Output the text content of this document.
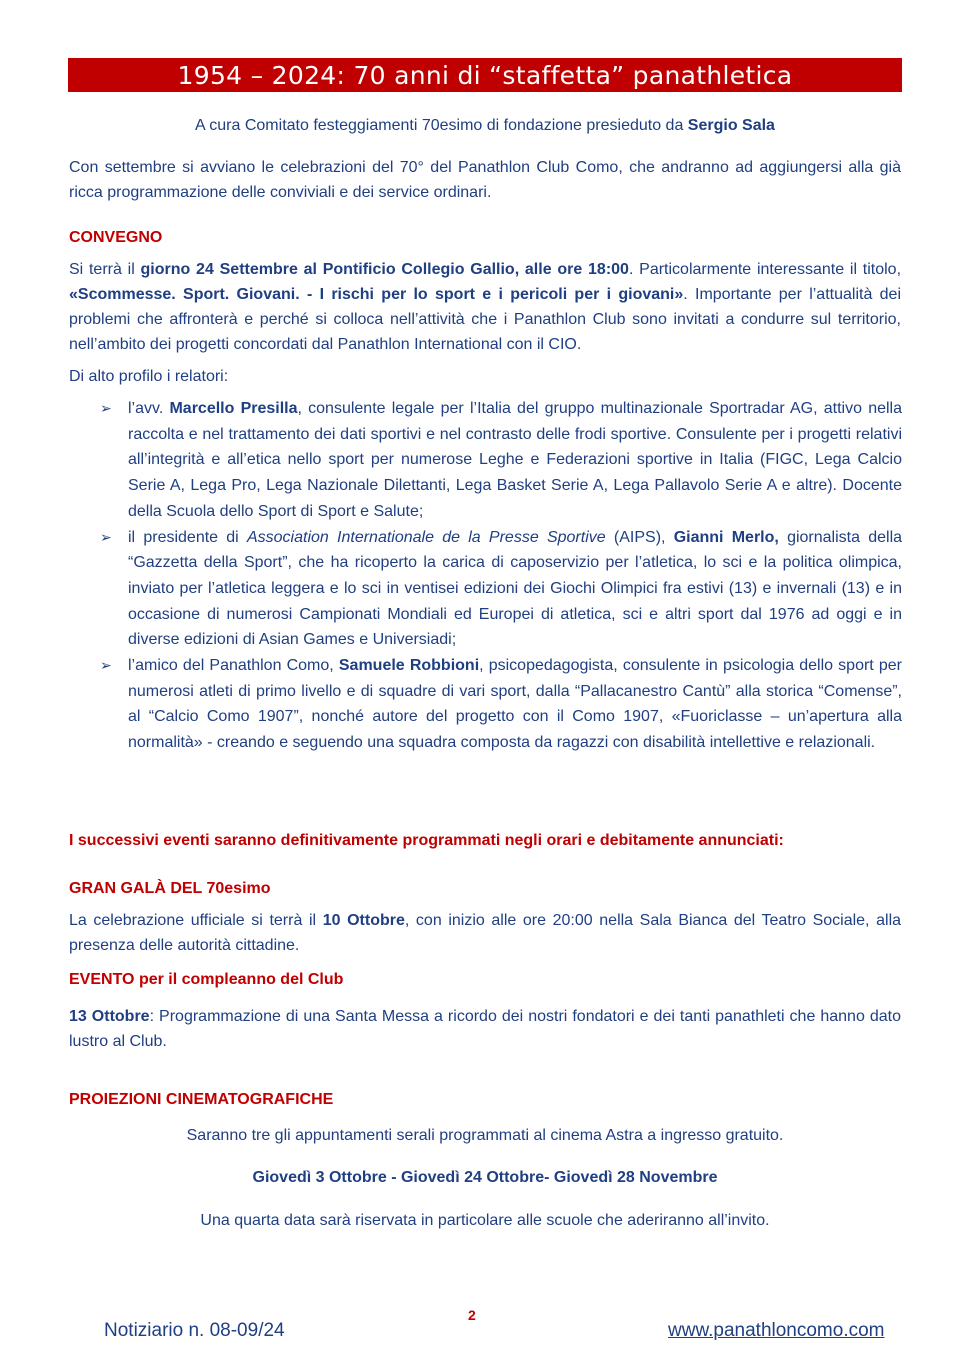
1954 – 2024: 70 anni di “staffetta” panathletica
A cura Comitato festeggiamenti 70esimo di fondazione presieduto da Sergio Sala
Con settembre si avviano le celebrazioni del 70° del Panathlon Club Como, che andranno ad aggiungersi alla già ricca programmazione delle conviviali e dei service ordinari.
CONVEGNO
Si terrà il giorno 24 Settembre al Pontificio Collegio Gallio, alle ore 18:00. Particolarmente interessante il titolo, «Scommesse. Sport. Giovani. - I rischi per lo sport e i pericoli per i giovani». Importante per l’attualità dei problemi che affronterà e perché si colloca nell’attività che i Panathlon Club sono invitati a condurre sul territorio, nell’ambito dei progetti concordati dal Panathlon International con il CIO.
Di alto profilo i relatori:
➢ l’avv. Marcello Presilla, consulente legale per l’Italia del gruppo multinazionale Sportradar AG, attivo nella raccolta e nel trattamento dei dati sportivi e nel contrasto delle frodi sportive. Consulente per i progetti relativi all’integrità e all’etica nello sport per numerose Leghe e Federazioni sportive in Italia (FIGC, Lega Calcio Serie A, Lega Pro, Lega Nazionale Dilettanti, Lega Basket Serie A, Lega Pallavolo Serie A e altre). Docente della Scuola dello Sport di Sport e Salute;
➢ il presidente di Association Internationale de la Presse Sportive (AIPS), Gianni Merlo, giornalista della “Gazzetta della Sport”, che ha ricoperto la carica di caposervizio per l’atletica, lo sci e la politica olimpica, inviato per l’atletica leggera e lo sci in ventisei edizioni dei Giochi Olimpici fra estivi (13) e invernali (13) e in occasione di numerosi Campionati Mondiali ed Europei di atletica, sci e altri sport dal 1976 ad oggi e in diverse edizioni di Asian Games e Universiadi;
➢ l’amico del Panathlon Como, Samuele Robbioni, psicopedagogista, consulente in psicologia dello sport per numerosi atleti di primo livello e di squadre di vari sport, dalla “Pallacanestro Cantù” alla storica “Comense”, al “Calcio Como 1907”, nonché autore del progetto con il Como 1907, «Fuoriclasse – un’apertura alla normalità» - creando e seguendo una squadra composta da ragazzi con disabilità intellettive e relazionali.
I successivi eventi saranno definitivamente programmati negli orari e debitamente annunciati:
GRAN GALÀ DEL 70esimo
La celebrazione ufficiale si terrà il 10 Ottobre, con inizio alle ore 20:00 nella Sala Bianca del Teatro Sociale, alla presenza delle autorità cittadine.
EVENTO per il compleanno del Club
13 Ottobre: Programmazione di una Santa Messa a ricordo dei nostri fondatori e dei tanti panathleti che hanno dato lustro al Club.
PROIEZIONI CINEMATOGRAFICHE
Saranno tre gli appuntamenti serali programmati al cinema Astra a ingresso gratuito.
Giovedì 3 Ottobre - Giovedì 24 Ottobre- Giovedì 28 Novembre
Una quarta data sarà riservata in particolare alle scuole che aderiranno all’invito.
2
Notiziario n. 08-09/24	www.panathloncomo.com
